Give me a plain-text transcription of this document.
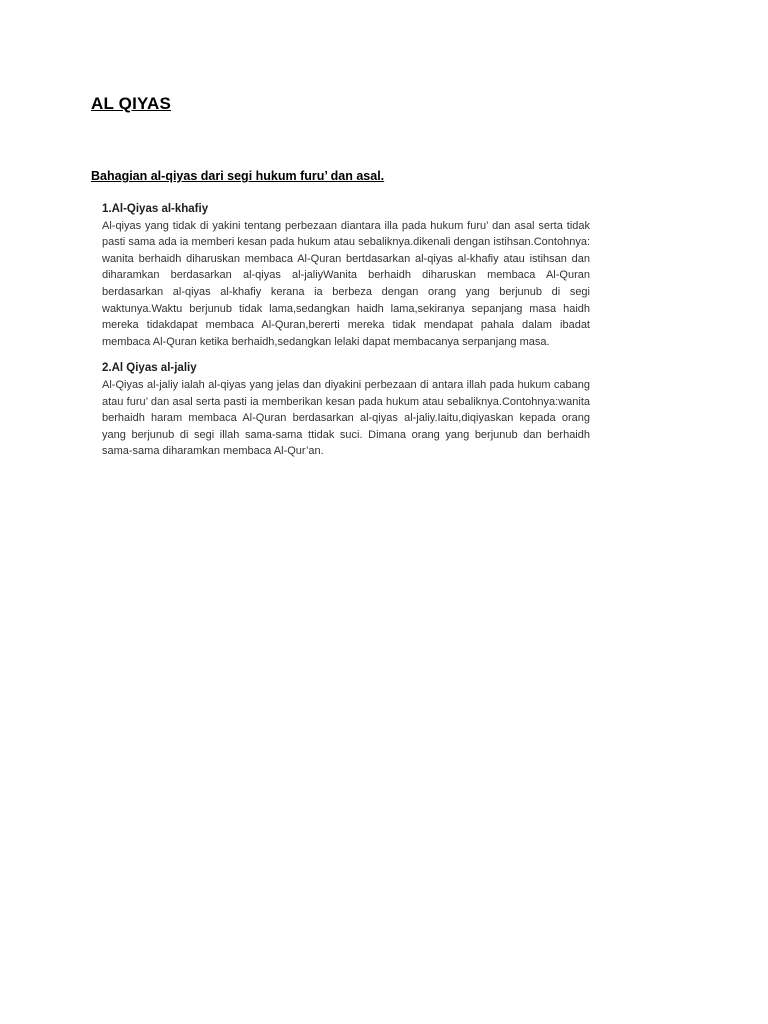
AL QIYAS

Bahagian al-qiyas dari segi hukum furu’ dan asal.

1.Al-Qiyas al-khafiy

Al-qiyas yang tidak di yakini tentang perbezaan diantara illa pada hukum furu’ dan asal serta tidak pasti sama ada ia memberi kesan pada hukum atau sebaliknya.dikenali dengan istihsan.Contohnya: wanita berhaidh diharuskan membaca Al-Quran bertdasarkan al-qiyas al-khafiy atau istihsan dan diharamkan berdasarkan al-qiyas al-jaliyWanita berhaidh diharuskan membaca Al-Quran berdasarkan al-qiyas al-khafiy kerana ia berbeza dengan orang yang berjunub di segi waktunya.Waktu berjunub tidak lama,sedangkan haidh lama,sekiranya sepanjang masa haidh mereka tidakdapat membaca Al-Quran,bererti mereka tidak mendapat pahala dalam ibadat membaca Al-Quran ketika berhaidh,sedangkan lelaki dapat membacanya serpanjang masa.

2.Al Qiyas al-jaliy

Al-Qiyas al-jaliy ialah al-qiyas yang jelas dan diyakini perbezaan di antara illah pada hukum cabang atau furu’ dan asal serta pasti ia memberikan kesan pada hukum atau sebaliknya.Contohnya:wanita berhaidh haram membaca Al-Quran berdasarkan al-qiyas al-jaliy.Iaitu,diqiyaskan kepada orang yang berjunub di segi illah sama-sama ttidak suci. Dimana orang yang berjunub dan berhaidh sama-sama diharamkan membaca Al-Qur’an.
